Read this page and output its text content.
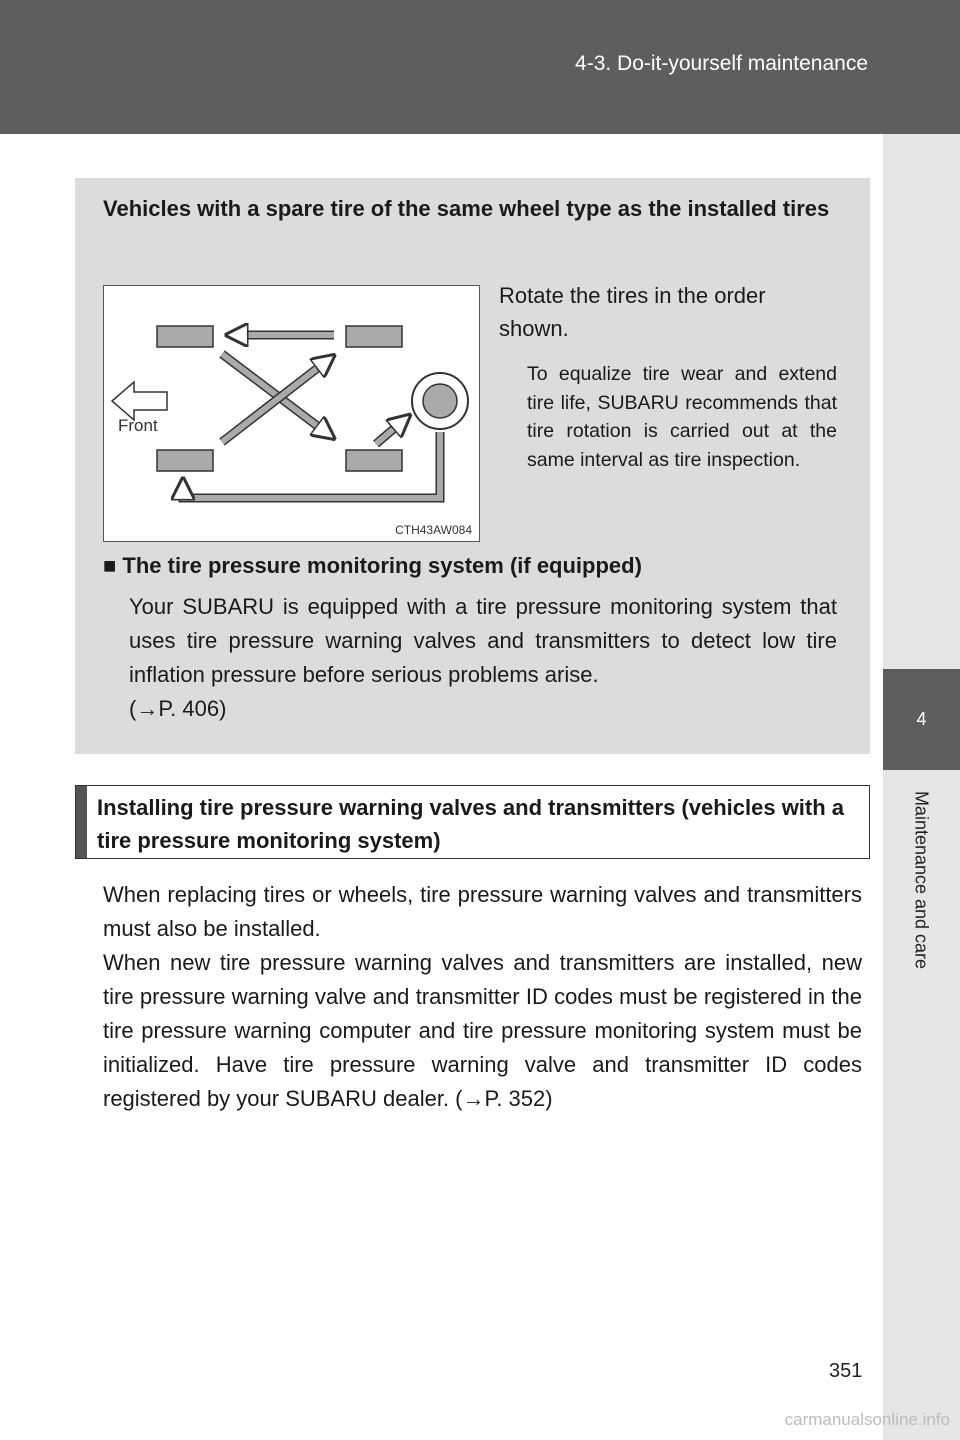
4-3. Do-it-yourself maintenance
4
Maintenance and care
Vehicles with a spare tire of the same wheel type as the installed tires
Front
CTH43AW084
Rotate the tires in the order
shown.
To equalize tire wear and extend tire life, SUBARU recommends that tire rotation is carried out at the same interval as tire inspection.
■ The tire pressure monitoring system (if equipped)
Your SUBARU is equipped with a tire pressure monitoring system that uses tire pressure warning valves and transmitters to detect low tire inflation pressure before serious problems arise.
(→P. 406)
Installing tire pressure warning valves and transmitters (vehicles with a tire pressure monitoring system)
When replacing tires or wheels, tire pressure warning valves and transmitters must also be installed.
When new tire pressure warning valves and transmitters are installed, new tire pressure warning valve and transmitter ID codes must be registered in the tire pressure warning computer and tire pressure monitoring system must be initialized. Have tire pressure warning valve and transmitter ID codes registered by your SUBARU dealer. (→P. 352)
351
carmanualsonline.info
